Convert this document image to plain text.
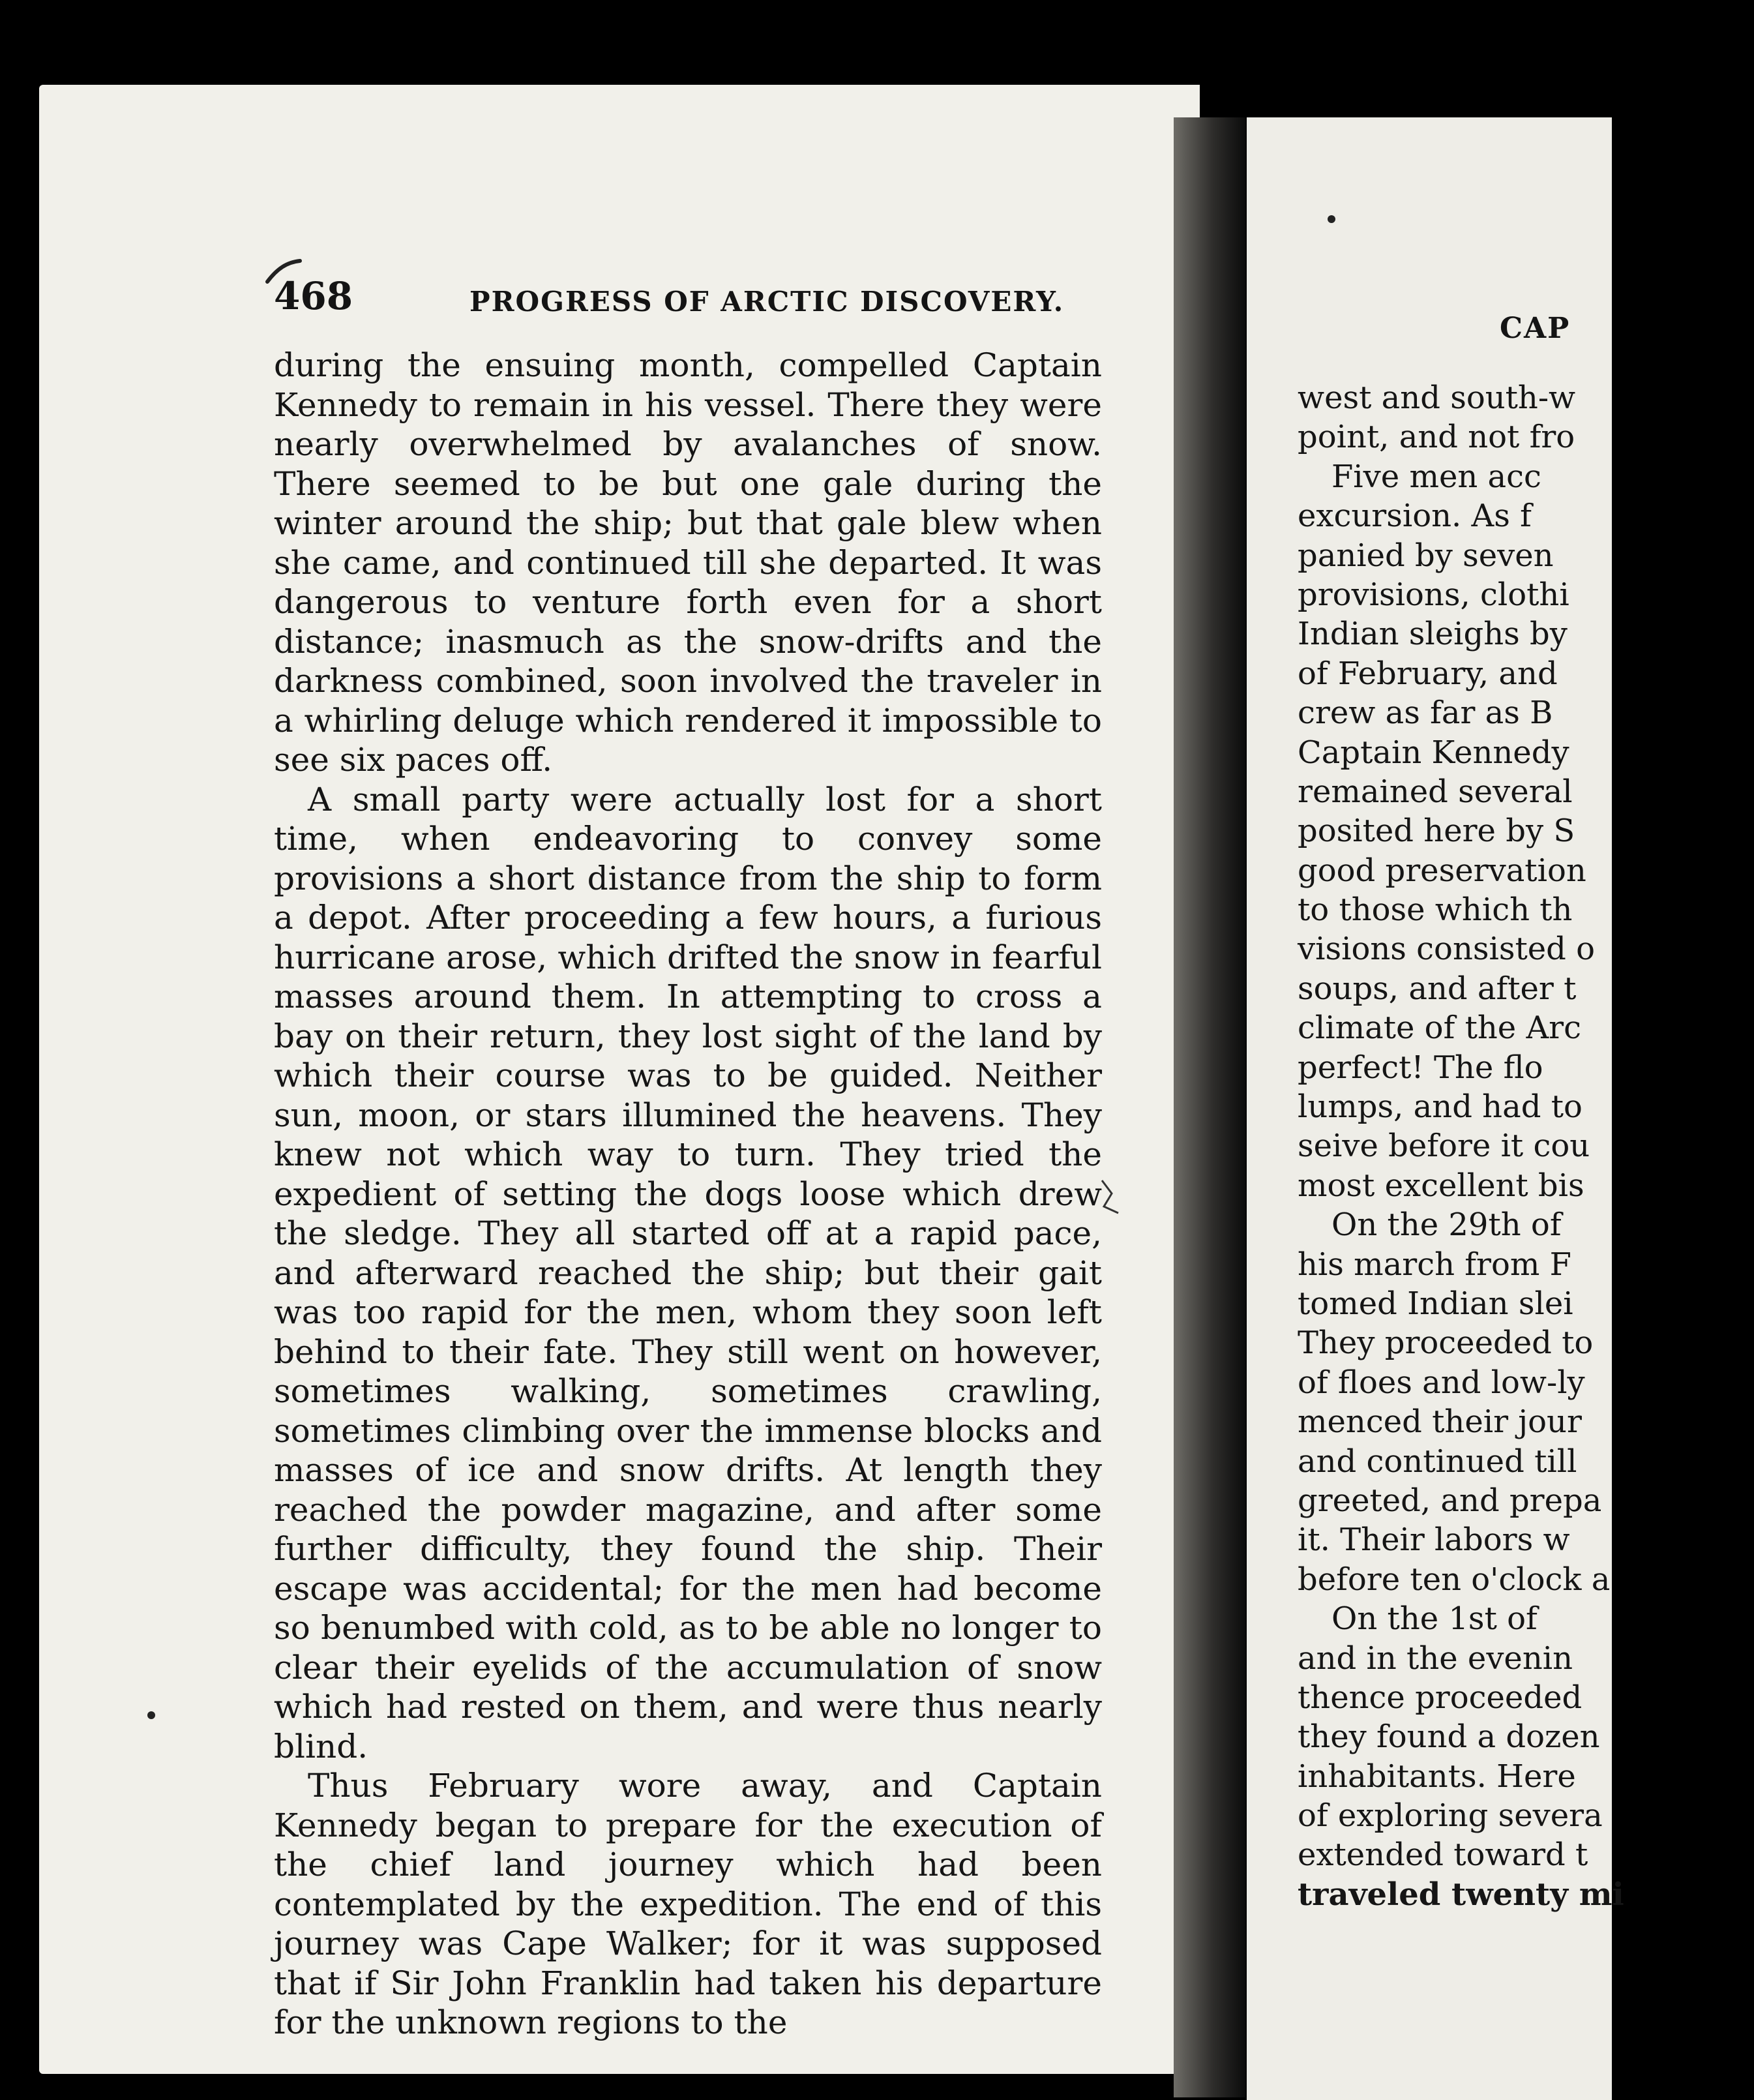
468	PROGRESS OF ARCTIC DISCOVERY.

during the ensuing month, compelled Captain Kennedy to remain in his vessel. There they were nearly overwhelmed by avalanches of snow. There seemed to be but one gale during the winter around the ship; but that gale blew when she came, and continued till she departed. It was dangerous to venture forth even for a short distance; inasmuch as the snow-drifts and the darkness combined, soon involved the traveler in a whirling deluge which rendered it impossible to see six paces off.

A small party were actually lost for a short time, when endeavoring to convey some provisions a short distance from the ship to form a depot. After proceeding a few hours, a furious hurricane arose, which drifted the snow in fearful masses around them. In attempting to cross a bay on their return, they lost sight of the land by which their course was to be guided. Neither sun, moon, or stars illumined the heavens. They knew not which way to turn. They tried the expedient of setting the dogs loose which drew the sledge. They all started off at a rapid pace, and afterward reached the ship; but their gait was too rapid for the men, whom they soon left behind to their fate. They still went on however, sometimes walking, sometimes crawling, sometimes climbing over the immense blocks and masses of ice and snow drifts. At length they reached the powder magazine, and after some further difficulty, they found the ship. Their escape was accidental; for the men had become so benumbed with cold, as to be able no longer to clear their eyelids of the accumulation of snow which had rested on them, and were thus nearly blind.

Thus February wore away, and Captain Kennedy began to prepare for the execution of the chief land journey which had been contemplated by the expedition. The end of this journey was Cape Walker; for it was supposed that if Sir John Franklin had taken his departure for the unknown regions to the

CAP
west and south-w
point, and not fro
Five men acc
excursion. As f
panied by seven
provisions, clothi
Indian sleighs by
of February, and
crew as far as B
Captain Kennedy
remained several
posited here by S
good preservation
to those which th
visions consisted o
soups, and after t
climate of the Arc
perfect! The flo
lumps, and had to
seive before it cou
most excellent bis
On the 29th of
his march from F
tomed Indian slei
They proceeded to
of floes and low-ly
menced their jour
and continued till
greeted, and prepa
it. Their labors w
before ten o'clock a
On the 1st of
and in the evenin
thence proceeded
they found a dozen
inhabitants. Here
of exploring severa
extended toward t
traveled twenty mi
